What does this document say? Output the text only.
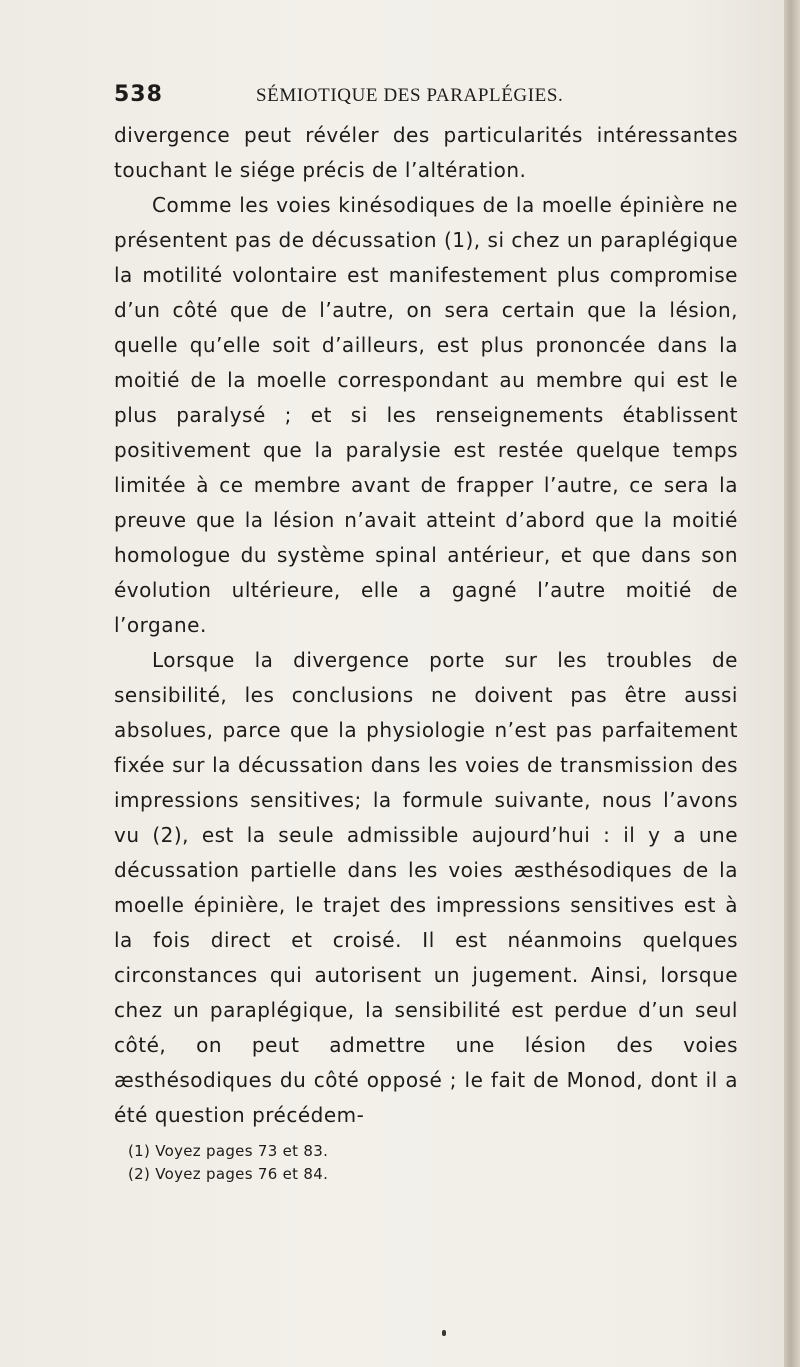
538	SÉMIOTIQUE DES PARAPLÉGIES.

divergence peut révéler des particularités intéressantes touchant le siége précis de l’altération.

Comme les voies kinésodiques de la moelle épinière ne présentent pas de décussation (1), si chez un paraplégique la motilité volontaire est manifestement plus compromise d’un côté que de l’autre, on sera certain que la lésion, quelle qu’elle soit d’ailleurs, est plus prononcée dans la moitié de la moelle correspondant au membre qui est le plus paralysé ; et si les renseignements établissent positivement que la paralysie est restée quelque temps limitée à ce membre avant de frapper l’autre, ce sera la preuve que la lésion n’avait atteint d’abord que la moitié homologue du système spinal antérieur, et que dans son évolution ultérieure, elle a gagné l’autre moitié de l’organe.

Lorsque la divergence porte sur les troubles de sensibilité, les conclusions ne doivent pas être aussi absolues, parce que la physiologie n’est pas parfaitement fixée sur la décussation dans les voies de transmission des impressions sensitives; la formule suivante, nous l’avons vu (2), est la seule admissible aujourd’hui : il y a une décussation partielle dans les voies æsthésodiques de la moelle épinière, le trajet des impressions sensitives est à la fois direct et croisé. Il est néanmoins quelques circonstances qui autorisent un jugement. Ainsi, lorsque chez un paraplégique, la sensibilité est perdue d’un seul côté, on peut admettre une lésion des voies æsthésodiques du côté opposé ; le fait de Monod, dont il a été question précédem-

(1) Voyez pages 73 et 83.
(2) Voyez pages 76 et 84.
